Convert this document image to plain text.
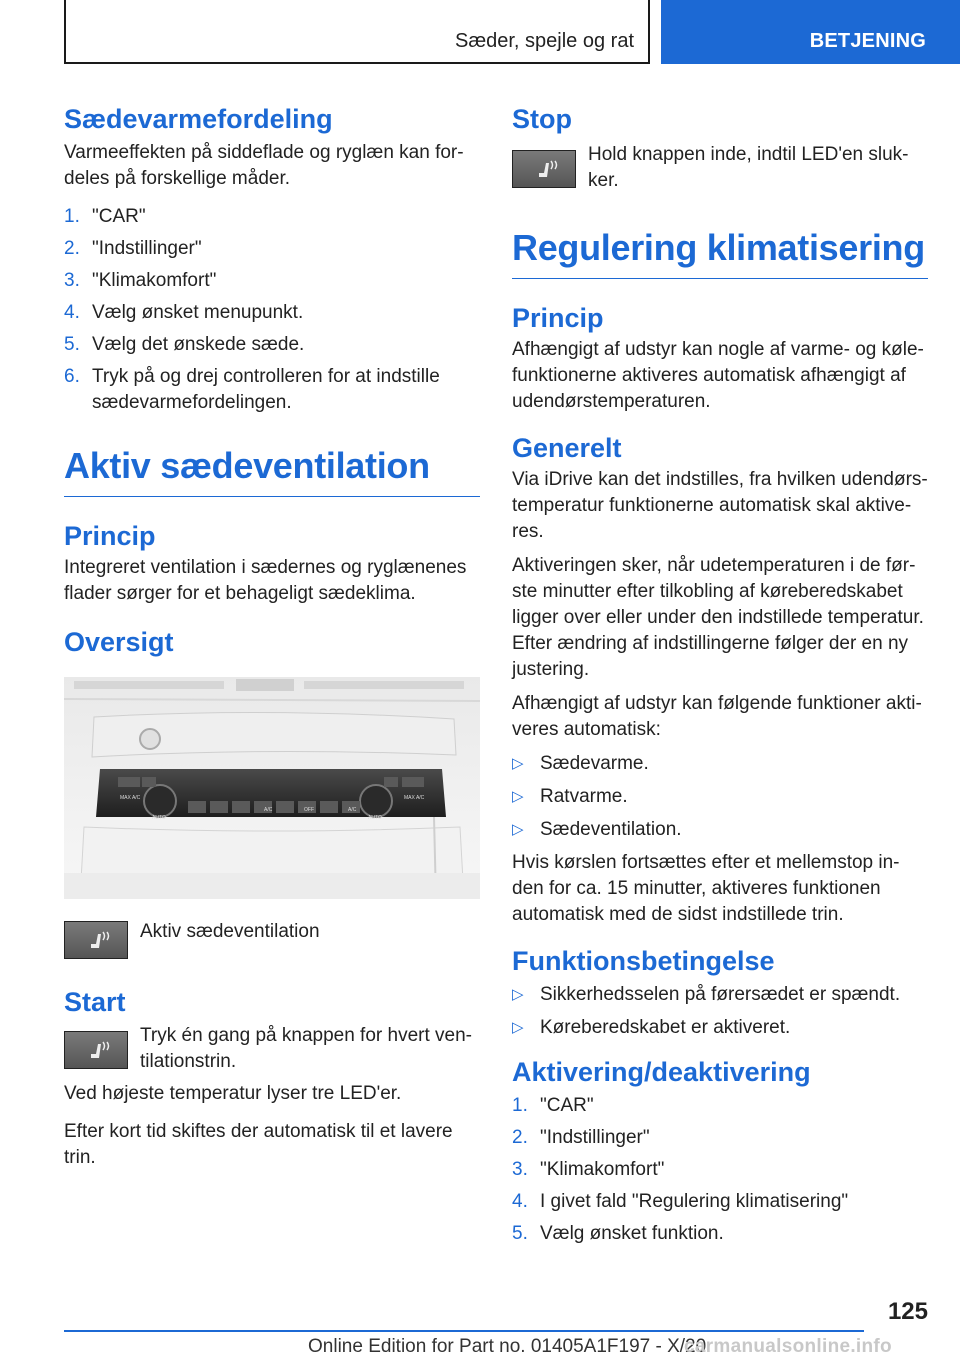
Sæder, spejle og rat	BETJENING
Sædevarmefordeling
Varmeeffekten på siddeflade og ryglæn kan for-deles på forskellige måder.
1. "CAR"
2. "Indstillinger"
3. "Klimakomfort"
4. Vælg ønsket menupunkt.
5. Vælg det ønskede sæde.
6. Tryk på og drej controlleren for at indstille sædevarmefordelingen.
Aktiv sædeventilation
Princip
Integreret ventilation i sædernes og ryglænenes flader sørger for et behageligt sædeklima.
Oversigt
MAX A/C
AUTO	AUTO
A/C	OFF	A/C
MAX A/C
Aktiv sædeventilation
Start
Tryk én gang på knappen for hvert ven-tilationstrin.
Ved højeste temperatur lyser tre LED'er.
Efter kort tid skiftes der automatisk til et lavere trin.
Stop
Hold knappen inde, indtil LED'en sluk-ker.
Regulering klimatisering
Princip
Afhængigt af udstyr kan nogle af varme- og køle-funktionerne aktiveres automatisk afhængigt af udendørstemperaturen.
Generelt
Via iDrive kan det indstilles, fra hvilken udendørs-temperatur funktionerne automatisk skal aktive-res.
Aktiveringen sker, når udetemperaturen i de før-ste minutter efter tilkobling af køreberedskabet ligger over eller under den indstillede temperatur. Efter ændring af indstillingerne følger der en ny justering.
Afhængigt af udstyr kan følgende funktioner akti-veres automatisk:
▷ Sædevarme.
▷ Ratvarme.
▷ Sædeventilation.
Hvis kørslen fortsættes efter et mellemstop in-den for ca. 15 minutter, aktiveres funktionen automatisk med de sidst indstillede trin.
Funktionsbetingelse
▷ Sikkerhedsselen på førersædet er spændt.
▷ Køreberedskabet er aktiveret.
Aktivering/deaktivering
1. "CAR"
2. "Indstillinger"
3. "Klimakomfort"
4. I givet fald "Regulering klimatisering"
5. Vælg ønsket funktion.
125
Online Edition for Part no. 01405A1F197 - X/20
carmanualsonline.info
